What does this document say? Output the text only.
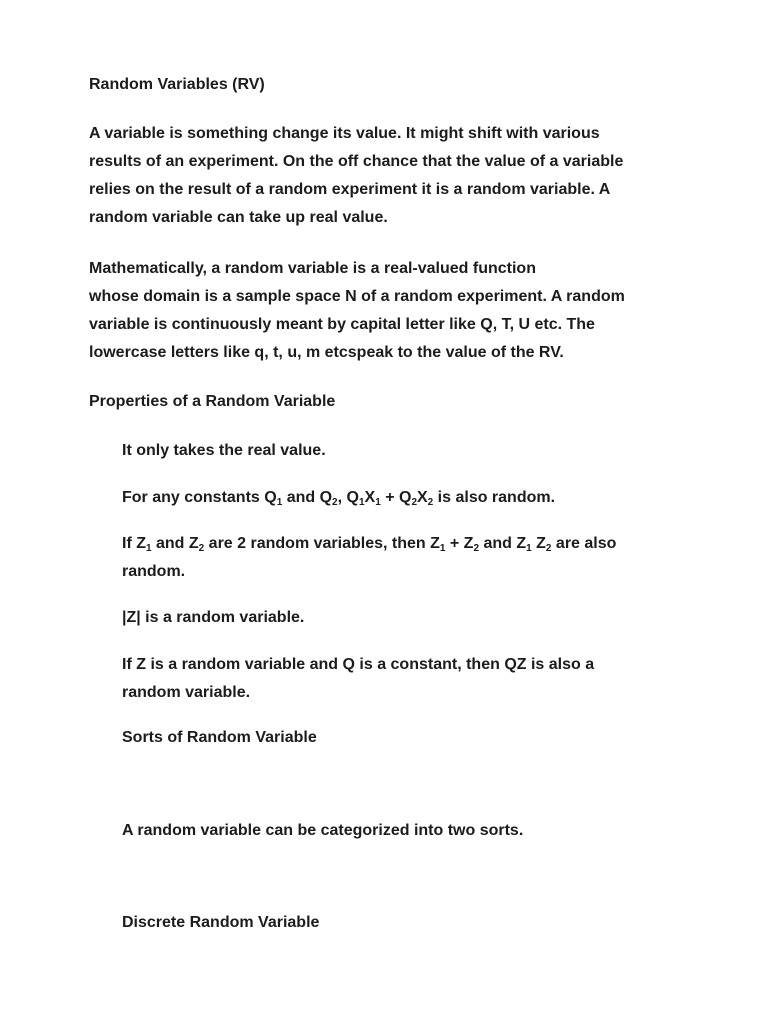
Random Variables (RV)

A variable is something change its value. It might shift with various
results of an experiment. On the off chance that the value of a variable
relies on the result of a random experiment it is a random variable. A
random variable can take up real value.

Mathematically, a random variable is a real-valued function
whose domain is a sample space N of a random experiment. A random
variable is continuously meant by capital letter like Q, T, U etc. The
lowercase letters like q, t, u, m etcspeak to the value of the RV.

Properties of a Random Variable

It only takes the real value.

For any constants $Q_1$ and $Q_2$, $Q_1X_1 + Q_2X_2$ is also random.

If $Z_1$ and $Z_2$ are 2 random variables, then $Z_1 + Z_2$ and $Z_1$ $Z_2$ are also
random.

|Z| is a random variable.

If Z is a random variable and Q is a constant, then QZ is also a
random variable.

Sorts of Random Variable

A random variable can be categorized into two sorts.

Discrete Random Variable
